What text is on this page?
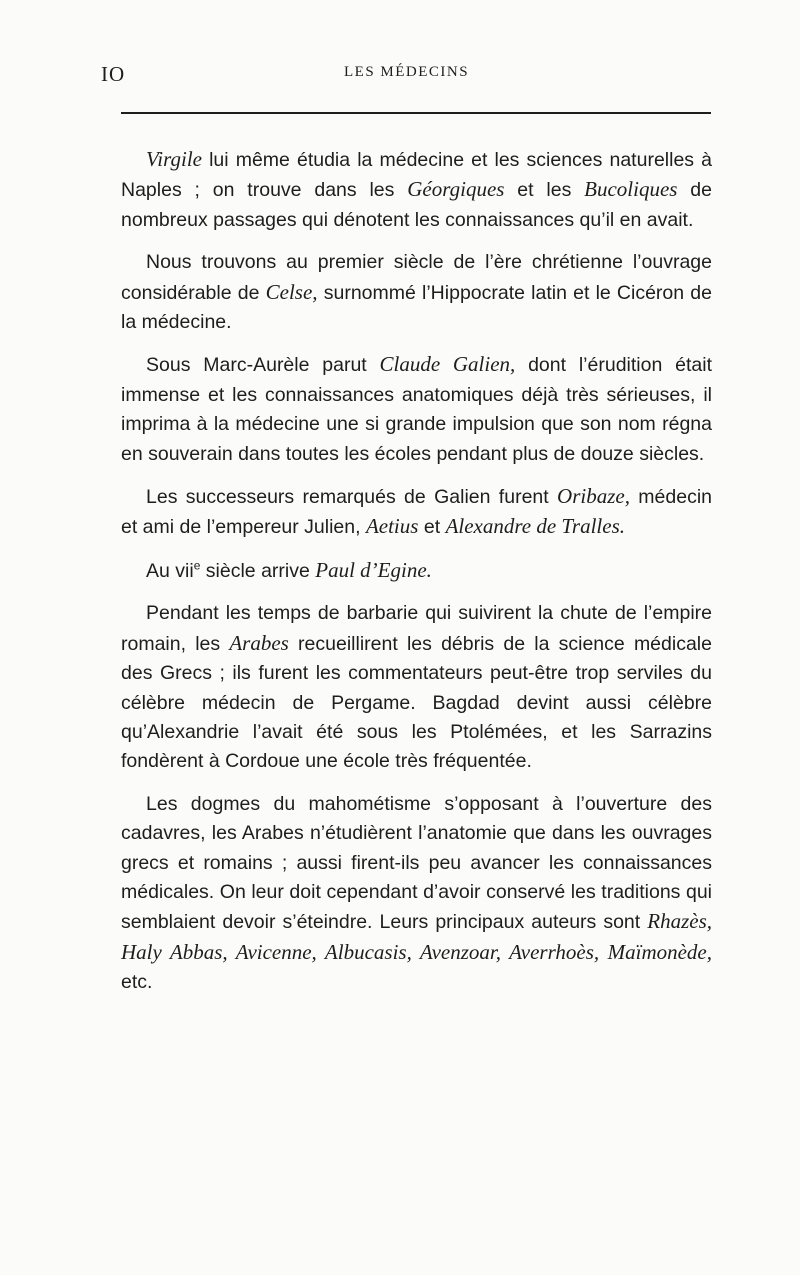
IO	LES MÉDECINS

Virgile lui même étudia la médecine et les sciences naturelles à Naples ; on trouve dans les Géorgiques et les Bucoliques de nombreux passages qui dénotent les connaissances qu’il en avait.

Nous trouvons au premier siècle de l’ère chrétienne l’ouvrage considérable de Celse, surnommé l’Hippocrate latin et le Cicéron de la médecine.

Sous Marc-Aurèle parut Claude Galien, dont l’érudition était immense et les connaissances anatomiques déjà très sérieuses, il imprima à la médecine une si grande impulsion que son nom régna en souverain dans toutes les écoles pendant plus de douze siècles.

Les successeurs remarqués de Galien furent Oribaze, médecin et ami de l’empereur Julien, Aetius et Alexandre de Tralles.

Au vii$^e$ siècle arrive Paul d’Egine.

Pendant les temps de barbarie qui suivirent la chute de l’empire romain, les Arabes recueillirent les débris de la science médicale des Grecs ; ils furent les commentateurs peut-être trop serviles du célèbre médecin de Pergame. Bagdad devint aussi célèbre qu’Alexandrie l’avait été sous les Ptolémées, et les Sarrazins fondèrent à Cordoue une école très fréquentée.

Les dogmes du mahométisme s’opposant à l’ouverture des cadavres, les Arabes n’étudièrent l’anatomie que dans les ouvrages grecs et romains ; aussi firent-ils peu avancer les connaissances médicales. On leur doit cependant d’avoir conservé les traditions qui semblaient devoir s’éteindre. Leurs principaux auteurs sont Rhazès, Haly Abbas, Avicenne, Albucasis, Avenzoar, Averrhoès, Maïmonède, etc.
